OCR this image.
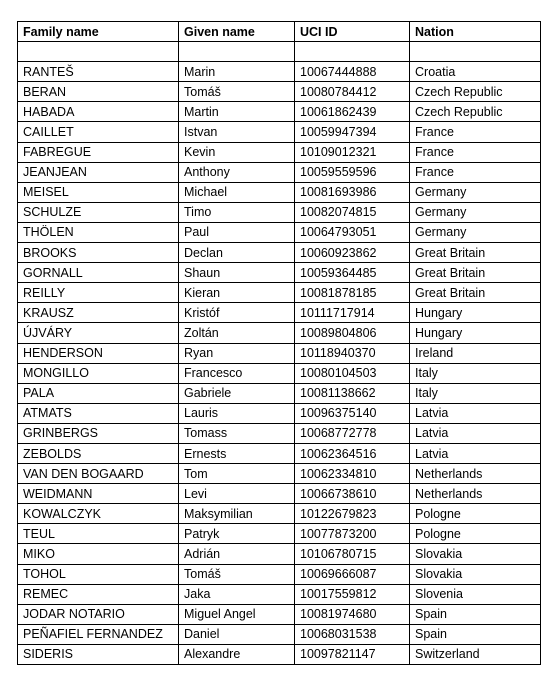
Family name	Given name	UCI ID	Nation

RANTEŠ	Marin	10067444888	Croatia
BERAN	Tomáš	10080784412	Czech Republic
HABADA	Martin	10061862439	Czech Republic
CAILLET	Istvan	10059947394	France
FABREGUE	Kevin	10109012321	France
JEANJEAN	Anthony	10059559596	France
MEISEL	Michael	10081693986	Germany
SCHULZE	Timo	10082074815	Germany
THÖLEN	Paul	10064793051	Germany
BROOKS	Declan	10060923862	Great Britain
GORNALL	Shaun	10059364485	Great Britain
REILLY	Kieran	10081878185	Great Britain
KRAUSZ	Kristóf	10111717914	Hungary
ÚJVÁRY	Zoltán	10089804806	Hungary
HENDERSON	Ryan	10118940370	Ireland
MONGILLO	Francesco	10080104503	Italy
PALA	Gabriele	10081138662	Italy
ATMATS	Lauris	10096375140	Latvia
GRINBERGS	Tomass	10068772778	Latvia
ZEBOLDS	Ernests	10062364516	Latvia
VAN DEN BOGAARD	Tom	10062334810	Netherlands
WEIDMANN	Levi	10066738610	Netherlands
KOWALCZYK	Maksymilian	10122679823	Pologne
TEUL	Patryk	10077873200	Pologne
MIKO	Adrián	10106780715	Slovakia
TOHOL	Tomáš	10069666087	Slovakia
REMEC	Jaka	10017559812	Slovenia
JODAR NOTARIO	Miguel Angel	10081974680	Spain
PEÑAFIEL FERNANDEZ	Daniel	10068031538	Spain
SIDERIS	Alexandre	10097821147	Switzerland
